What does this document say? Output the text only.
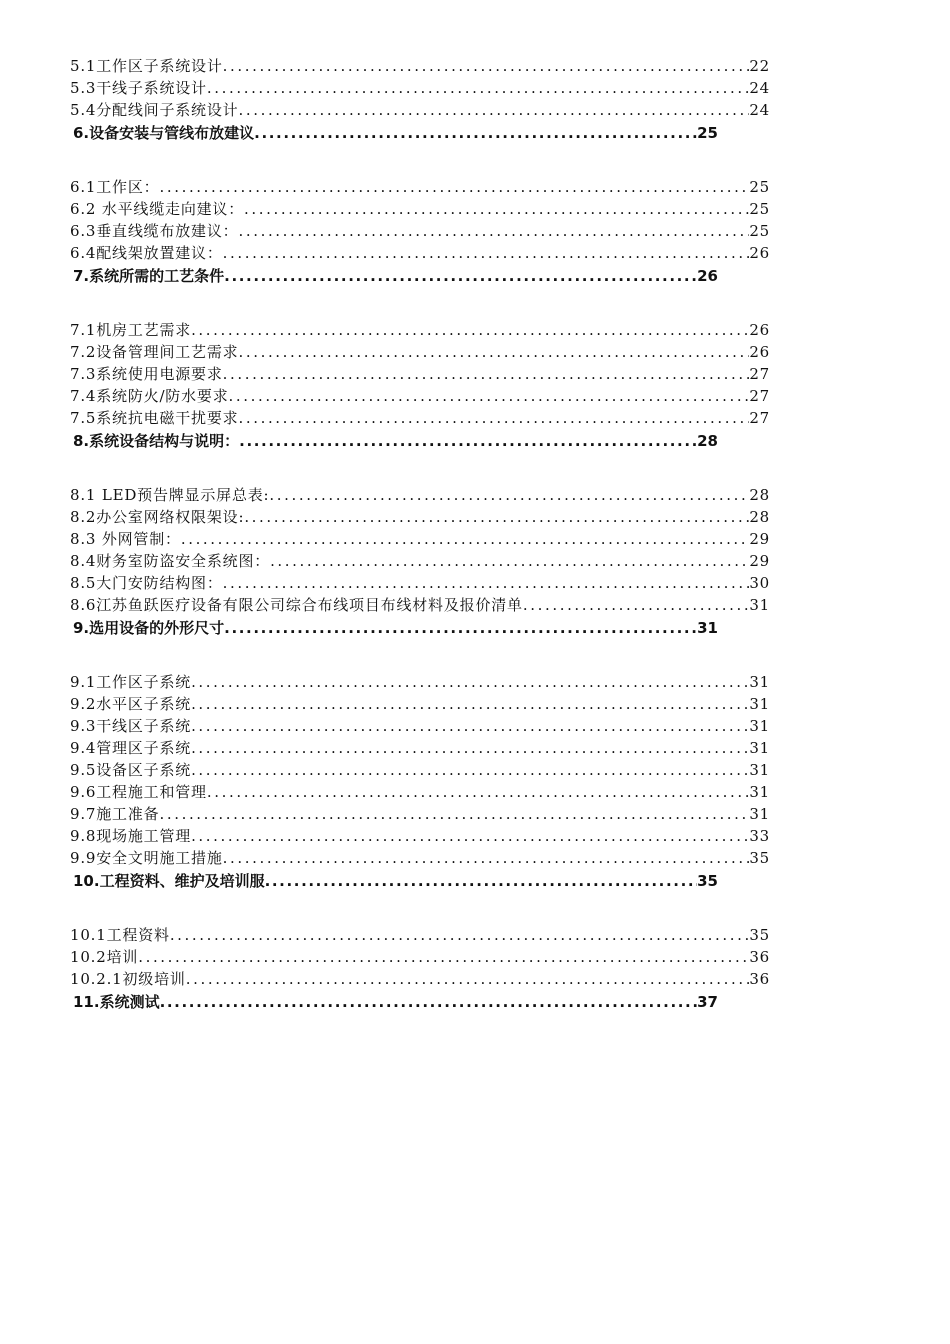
5.1工作区子系统设计 .....	22
5.3干线子系统设计 .....	24
5.4分配线间子系统设计 .....	24
6.设备安装与管线布放建议 .....	25
6.1工作区： .....	25
6.2 水平线缆走向建议： .....	25
6.3垂直线缆布放建议： .....	25
6.4配线架放置建议： .....	26
7.系统所需的工艺条件 .....	26
7.1机房工艺需求 .....	26
7.2设备管理间工艺需求 .....	26
7.3系统使用电源要求 .....	27
7.4系统防火/防水要求 .....	27
7.5系统抗电磁干扰要求 .....	27
8.系统设备结构与说明： .....	28
8.1 LED预告牌显示屏总表: .....	28
8.2办公室网络权限架设: .....	28
8.3 外网管制： .....	29
8.4财务室防盗安全系统图： .....	29
8.5大门安防结构图： .....	30
8.6江苏鱼跃医疗设备有限公司综合布线项目布线材料及报价清单 .....	31
9.选用设备的外形尺寸 .....	31
9.1工作区子系统 .....	31
9.2水平区子系统 .....	31
9.3干线区子系统 .....	31
9.4管理区子系统 .....	31
9.5设备区子系统 .....	31
9.6工程施工和管理 .....	31
9.7施工准备 .....	31
9.8现场施工管理 .....	33
9.9安全文明施工措施 .....	35
10.工程资料、维护及培训服 .....	35
10.1工程资料 .....	35
10.2培训 .....	36
10.2.1初级培训 .....	36
11.系统测试 .....	37
